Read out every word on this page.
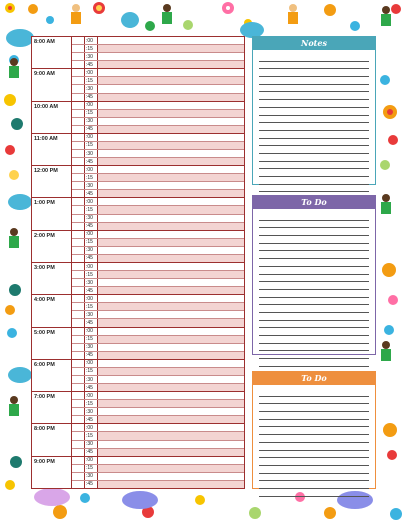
8:00 AM	:00
:15
:30
:45
9:00 AM	:00
:15
:30
:45
10:00 AM	:00
:15
:30
:45
11:00 AM	:00
:15
:30
:45
12:00 PM	:00
:15
:30
:45
1:00 PM	:00
:15
:30
:45
2:00 PM	:00
:15
:30
:45
3:00 PM	:00
:15
:30
:45
4:00 PM	:00
:15
:30
:45
5:00 PM	:00
:15
:30
:45
6:00 PM	:00
:15
:30
:45
7:00 PM	:00
:15
:30
:45
8:00 PM	:00
:15
:30
:45
9:00 PM	:00
:15
:30
:45
Notes
To Do
To Do
